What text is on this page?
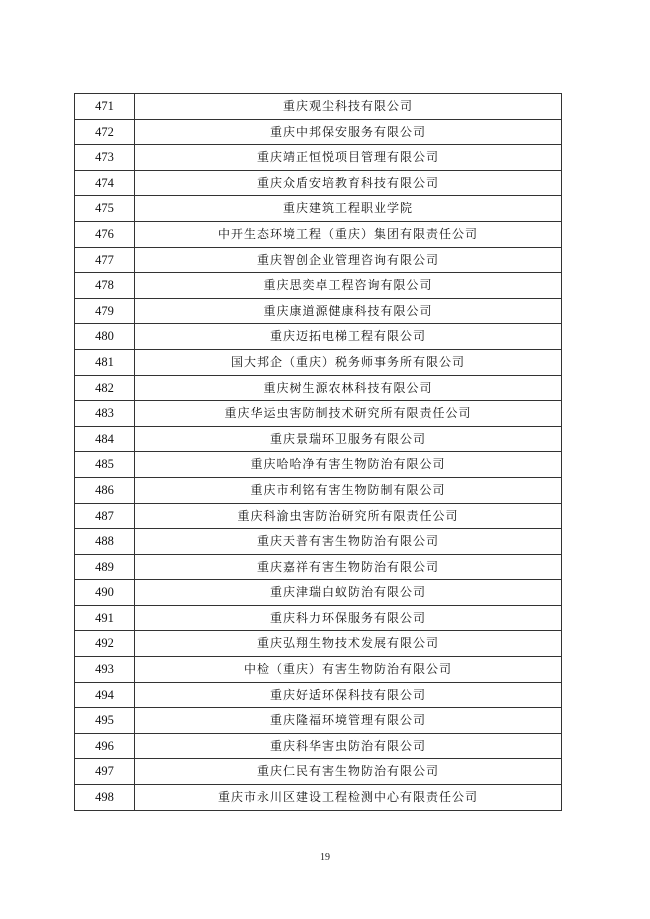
471	重庆观尘科技有限公司
472	重庆中邦保安服务有限公司
473	重庆靖正恒悦项目管理有限公司
474	重庆众盾安培教育科技有限公司
475	重庆建筑工程职业学院
476	中开生态环境工程（重庆）集团有限责任公司
477	重庆智创企业管理咨询有限公司
478	重庆思奕卓工程咨询有限公司
479	重庆康道源健康科技有限公司
480	重庆迈拓电梯工程有限公司
481	国大邦企（重庆）税务师事务所有限公司
482	重庆树生源农林科技有限公司
483	重庆华运虫害防制技术研究所有限责任公司
484	重庆景瑞环卫服务有限公司
485	重庆哈哈净有害生物防治有限公司
486	重庆市利铭有害生物防制有限公司
487	重庆科渝虫害防治研究所有限责任公司
488	重庆天普有害生物防治有限公司
489	重庆嘉祥有害生物防治有限公司
490	重庆津瑞白蚁防治有限公司
491	重庆科力环保服务有限公司
492	重庆弘翔生物技术发展有限公司
493	中检（重庆）有害生物防治有限公司
494	重庆好适环保科技有限公司
495	重庆隆福环境管理有限公司
496	重庆科华害虫防治有限公司
497	重庆仁民有害生物防治有限公司
498	重庆市永川区建设工程检测中心有限责任公司
19
